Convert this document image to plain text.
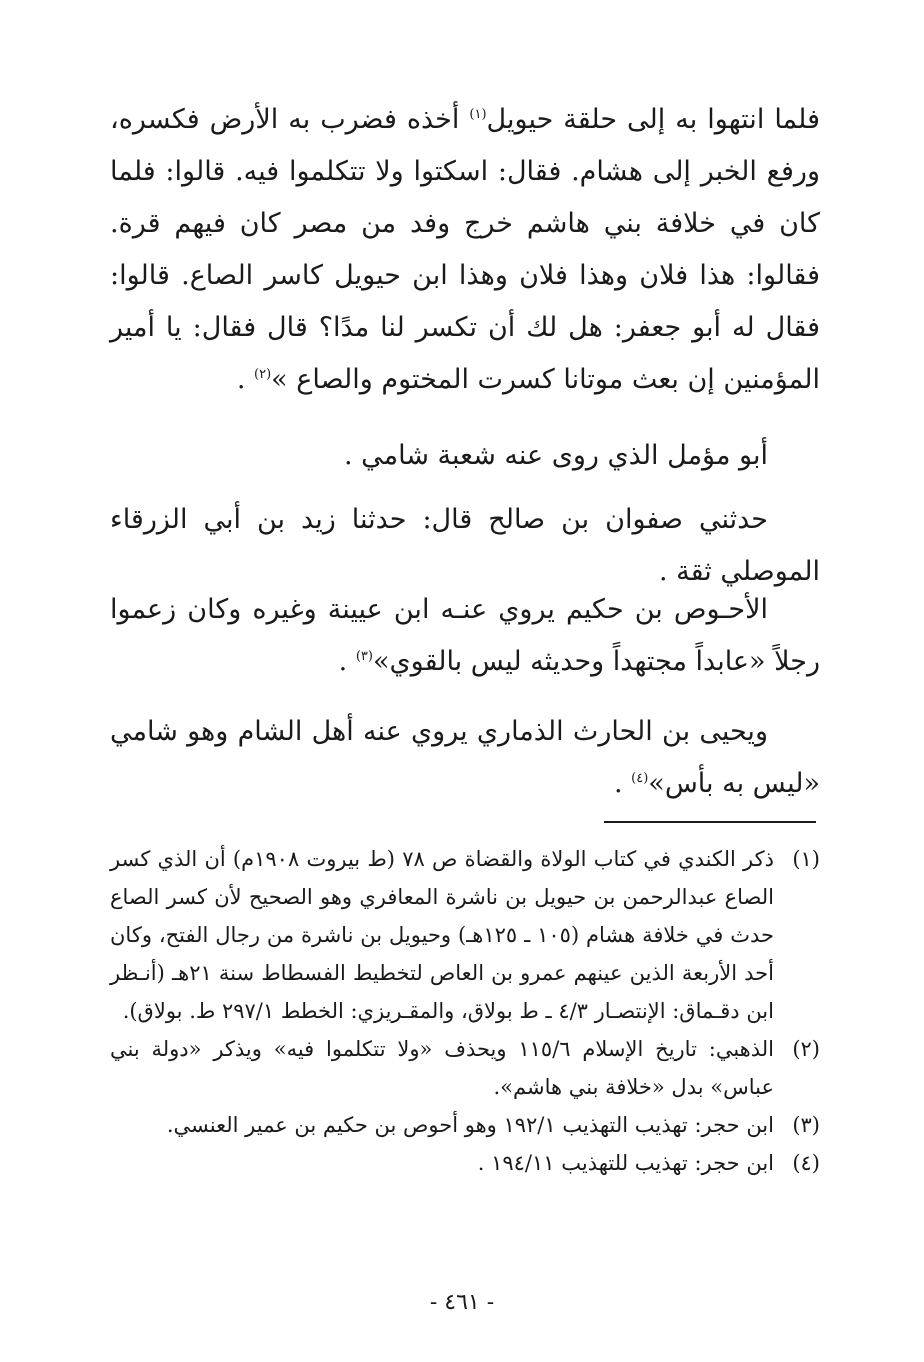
فلما انتهوا به إلى حلقة حيويل$^{(١)}$ أخذه فضرب به الأرض فكسره، ورفع الخبر إلى هشام. فقال: اسكتوا ولا تتكلموا فيه. قالوا: فلما كان في خلافة بني هاشم خرج وفد من مصر كان فيهم قرة. فقالوا: هذا فلان وهذا فلان وهذا ابن حيويل كاسر الصاع. قالوا: فقال له أبو جعفر: هل لك أن تكسر لنا مدًا؟ قال فقال: يا أمير المؤمنين إن بعث موتانا كسرت المختوم والصاع »$^{(٢)}$ .

أبو مؤمل الذي روى عنه شعبة شامي .

حدثني صفوان بن صالح قال: حدثنا زيد بن أبي الزرقاء الموصلي ثقة .

الأحـوص بن حكيم يروي عنـه ابن عيينة وغيره وكان زعموا رجلاً «عابداً مجتهداً وحديثه ليس بالقوي»$^{(٣)}$ .

ويحيى بن الحارث الذماري يروي عنه أهل الشام وهو شامي «ليس به بأس»$^{(٤)}$ .

(١)
ذكر الكندي في كتاب الولاة والقضاة ص ٧٨ (ط بيروت ١٩٠٨م) أن الذي كسر الصاع عبدالرحمن بن حيويل بن ناشرة المعافري وهو الصحيح لأن كسر الصاع حدث في خلافة هشام (١٠٥ ـ ١٢٥هـ) وحيويل بن ناشرة من رجال الفتح، وكان أحد الأربعة الذين عينهم عمرو بن العاص لتخطيط الفسطاط سنة ٢١هـ (أنـظر ابن دقـماق: الإنتصـار ٤/٣ ـ ط بولاق، والمقـريزي: الخطط ٢٩٧/١ ط. بولاق).
(٢)
الذهبي: تاريخ الإسلام ١١٥/٦ ويحذف «ولا تتكلموا فيه» ويذكر «دولة بني عباس» بدل «خلافة بني هاشم».
(٣)
ابن حجر: تهذيب التهذيب ١٩٢/١ وهو أحوص بن حكيم بن عمير العنسي.
(٤)
ابن حجر: تهذيب للتهذيب ١٩٤/١١ .
- ٤٦١ -
